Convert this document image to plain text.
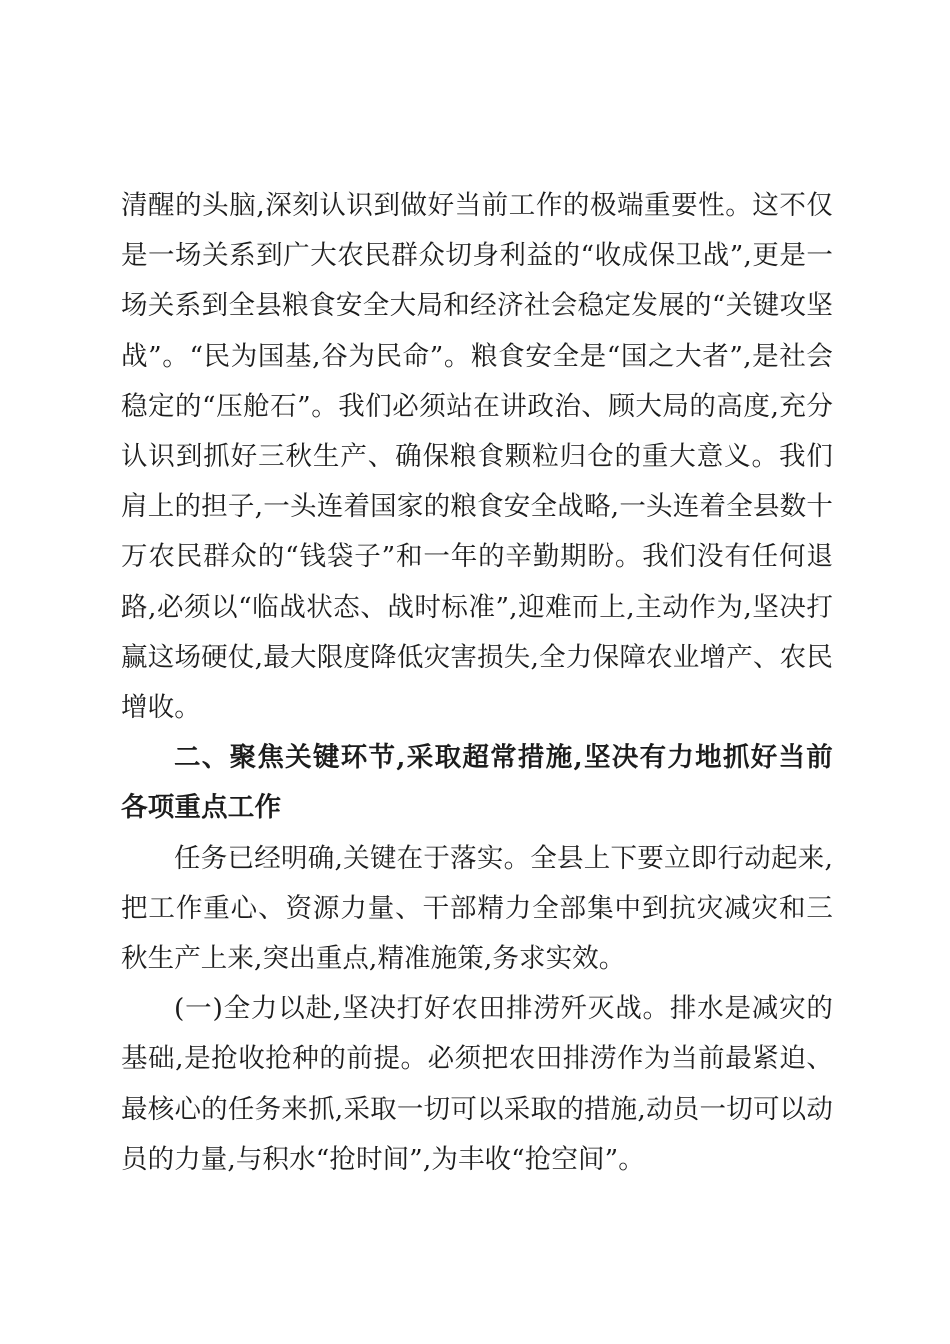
清醒的头脑,深刻认识到做好当前工作的极端重要性。这不仅是一场关系到广大农民群众切身利益的“收成保卫战”,更是一场关系到全县粮食安全大局和经济社会稳定发展的“关键攻坚战”。“民为国基,谷为民命”。粮食安全是“国之大者”,是社会稳定的“压舱石”。我们必须站在讲政治、顾大局的高度,充分认识到抓好三秋生产、确保粮食颗粒归仓的重大意义。我们肩上的担子,一头连着国家的粮食安全战略,一头连着全县数十万农民群众的“钱袋子”和一年的辛勤期盼。我们没有任何退路,必须以“临战状态、战时标准”,迎难而上,主动作为,坚决打赢这场硬仗,最大限度降低灾害损失,全力保障农业增产、农民增收。

二、聚焦关键环节,采取超常措施,坚决有力地抓好当前各项重点工作

任务已经明确,关键在于落实。全县上下要立即行动起来,把工作重心、资源力量、干部精力全部集中到抗灾减灾和三秋生产上来,突出重点,精准施策,务求实效。

(一)全力以赴,坚决打好农田排涝歼灭战。排水是减灾的基础,是抢收抢种的前提。必须把农田排涝作为当前最紧迫、最核心的任务来抓,采取一切可以采取的措施,动员一切可以动员的力量,与积水“抢时间”,为丰收“抢空间”。
